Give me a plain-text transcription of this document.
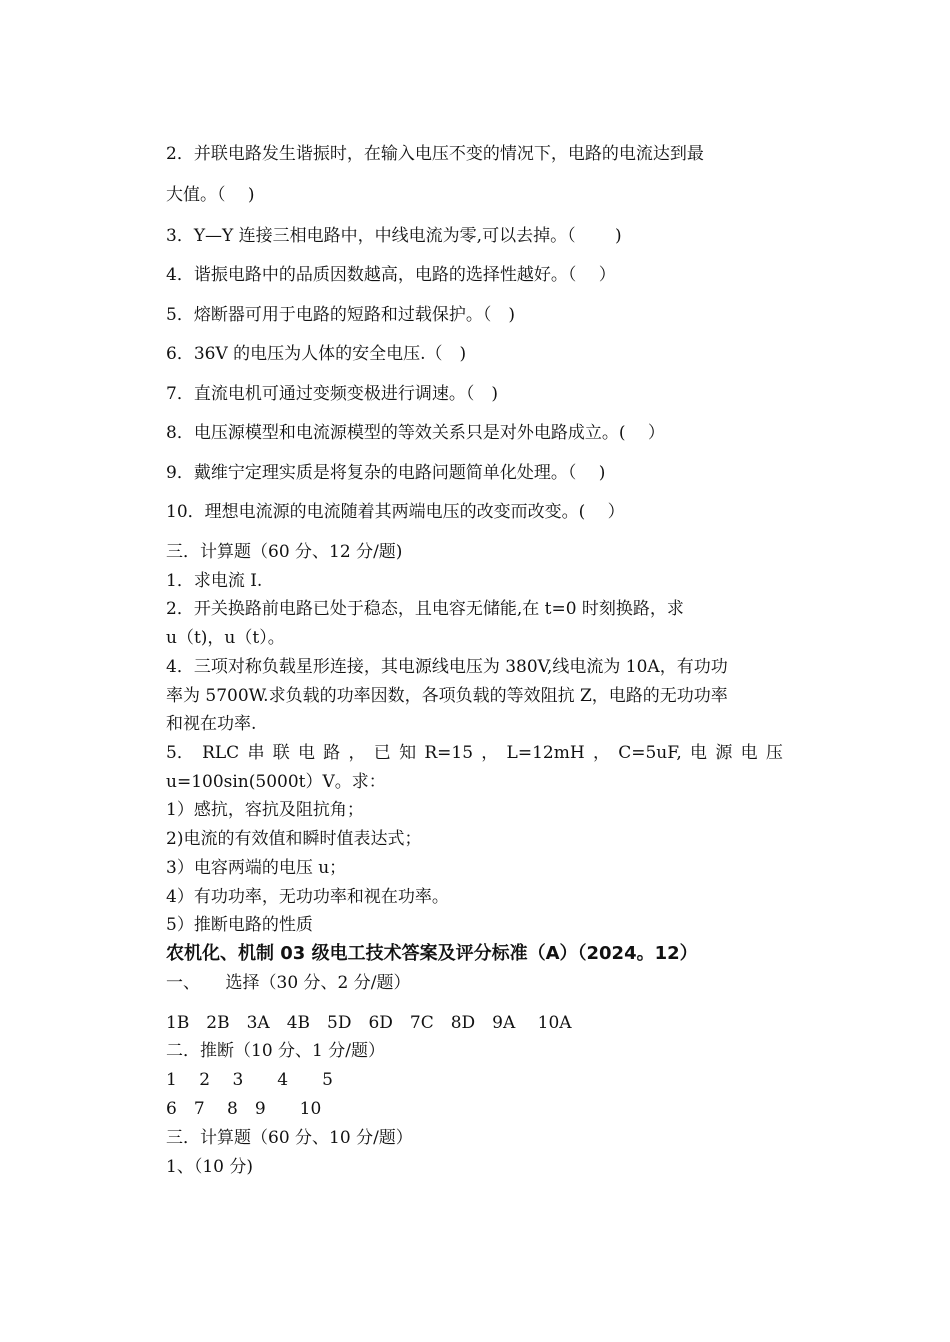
2．并联电路发生谐振时，在输入电压不变的情况下，电路的电流达到最
大值。（　 )
3．Y—Y 连接三相电路中，中线电流为零,可以去掉。（　　 )
4．谐振电路中的品质因数越高，电路的选择性越好。（　 ）
5．熔断器可用于电路的短路和过载保护。（　)
6．36V 的电压为人体的安全电压.（　)
7．直流电机可通过变频变极进行调速。（　)
8．电压源模型和电流源模型的等效关系只是对外电路成立。(　 ）
9．戴维宁定理实质是将复杂的电路问题简单化处理。（　 )
10．理想电流源的电流随着其两端电压的改变而改变。(　 ）
三．计算题（60 分、12 分/题)
1．求电流 I.
2．开关换路前电路已处于稳态，且电容无储能,在 t=0 时刻换路，求
u（t)，u（t）。
4．三项对称负载星形连接，其电源线电压为 380V,线电流为 10A，有功功
率为 5700W.求负载的功率因数，各项负载的等效阻抗 Z，电路的无功功率
和视在功率.
5． RLC 串 联 电 路 ， 已 知 R=15 ， L=12mH ， C=5uF, 电 源 电 压
u=100sin(5000t）V。求：
1）感抗，容抗及阻抗角；
2)电流的有效值和瞬时值表达式；
3）电容两端的电压 u；
4）有功功率，无功功率和视在功率。
5）推断电路的性质
农机化、机制 03 级电工技术答案及评分标准（A）（2024。12）
一、　　选择（30 分、2 分/题）
1B　2B　3A　4B　5D　6D　7C　8D　9A　 10A
二．推断（10 分、1 分/题）
1　 2　 3　　4　　5
6　7　 8　9　　10
三．计算题（60 分、10 分/题）
1、（10 分)
